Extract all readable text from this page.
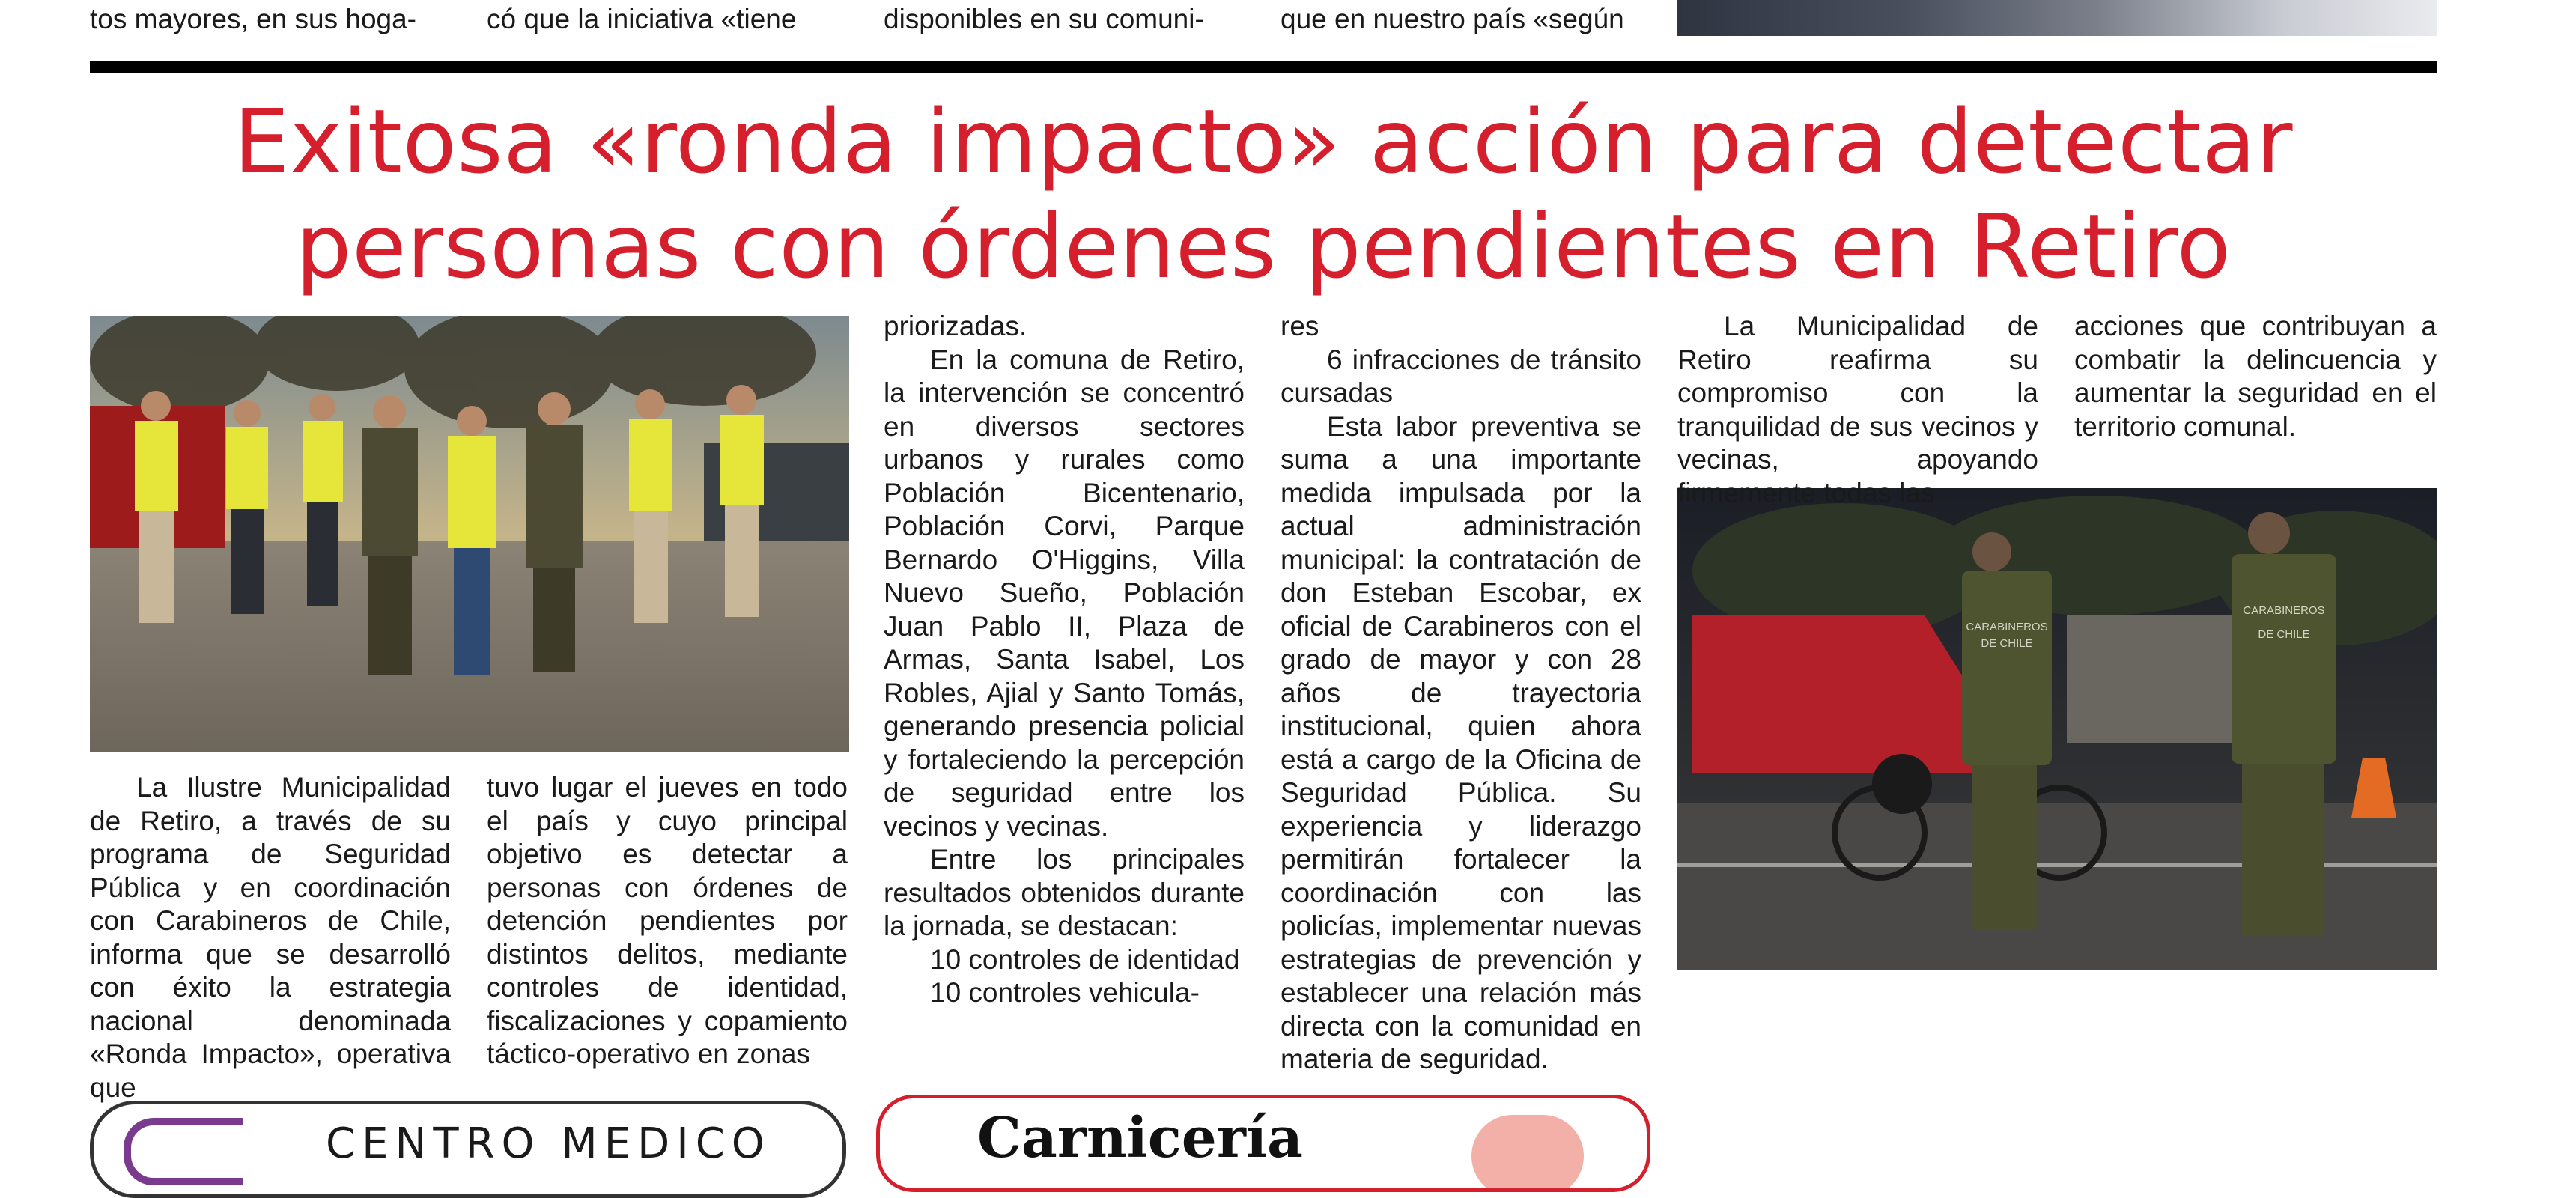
tos mayores, en sus hoga-	có que la iniciativa «tiene	disponibles en su comuni-	que en nuestro país «según
Exitosa «ronda impacto» acción para detectar
personas con órdenes pendientes en Retiro
CARABINEROS
DE CHILE
CARABINEROS
DE CHILE

La Ilustre Municipalidad de Retiro, a través de su programa de Seguridad Pública y en coordinación con Carabineros de Chile, informa que se desarrolló con éxito la estrategia nacional denominada «Ronda Impacto», operativa que

tuvo lugar el jueves en todo el país y cuyo principal objetivo es detectar a personas con órdenes de detención pendientes por distintos delitos, mediante controles de identidad, fiscalizaciones y copamiento táctico-operativo en zonas

priorizadas.

En la comuna de Retiro, la intervención se concentró en diversos sectores urbanos y rurales como Población Bicentenario, Población Corvi, Parque Bernardo O'Higgins, Villa Nuevo Sueño, Población Juan Pablo II, Plaza de Armas, Santa Isabel, Los Robles, Ajial y Santo Tomás, generando presencia policial y fortaleciendo la percepción de seguridad entre los vecinos y vecinas.

Entre los principales resultados obtenidos durante la jornada, se destacan:

10 controles de identidad

10 controles vehicula-

res

6 infracciones de tránsito cursadas

Esta labor preventiva se suma a una importante medida impulsada por la actual administración municipal: la contratación de don Esteban Escobar, ex oficial de Carabineros con el grado de mayor y con 28 años de trayectoria institucional, quien ahora está a cargo de la Oficina de Seguridad Pública. Su experiencia y liderazgo permitirán fortalecer la coordinación con las policías, implementar nuevas estrategias de prevención y establecer una relación más directa con la comunidad en materia de seguridad.

La Municipalidad de Retiro reafirma su compromiso con la tranquilidad de sus vecinos y vecinas, apoyando firmemente todas las

acciones que contribuyan a combatir la delincuencia y aumentar la seguridad en el territorio comunal.

CENTRO MEDICO	Carnicería
